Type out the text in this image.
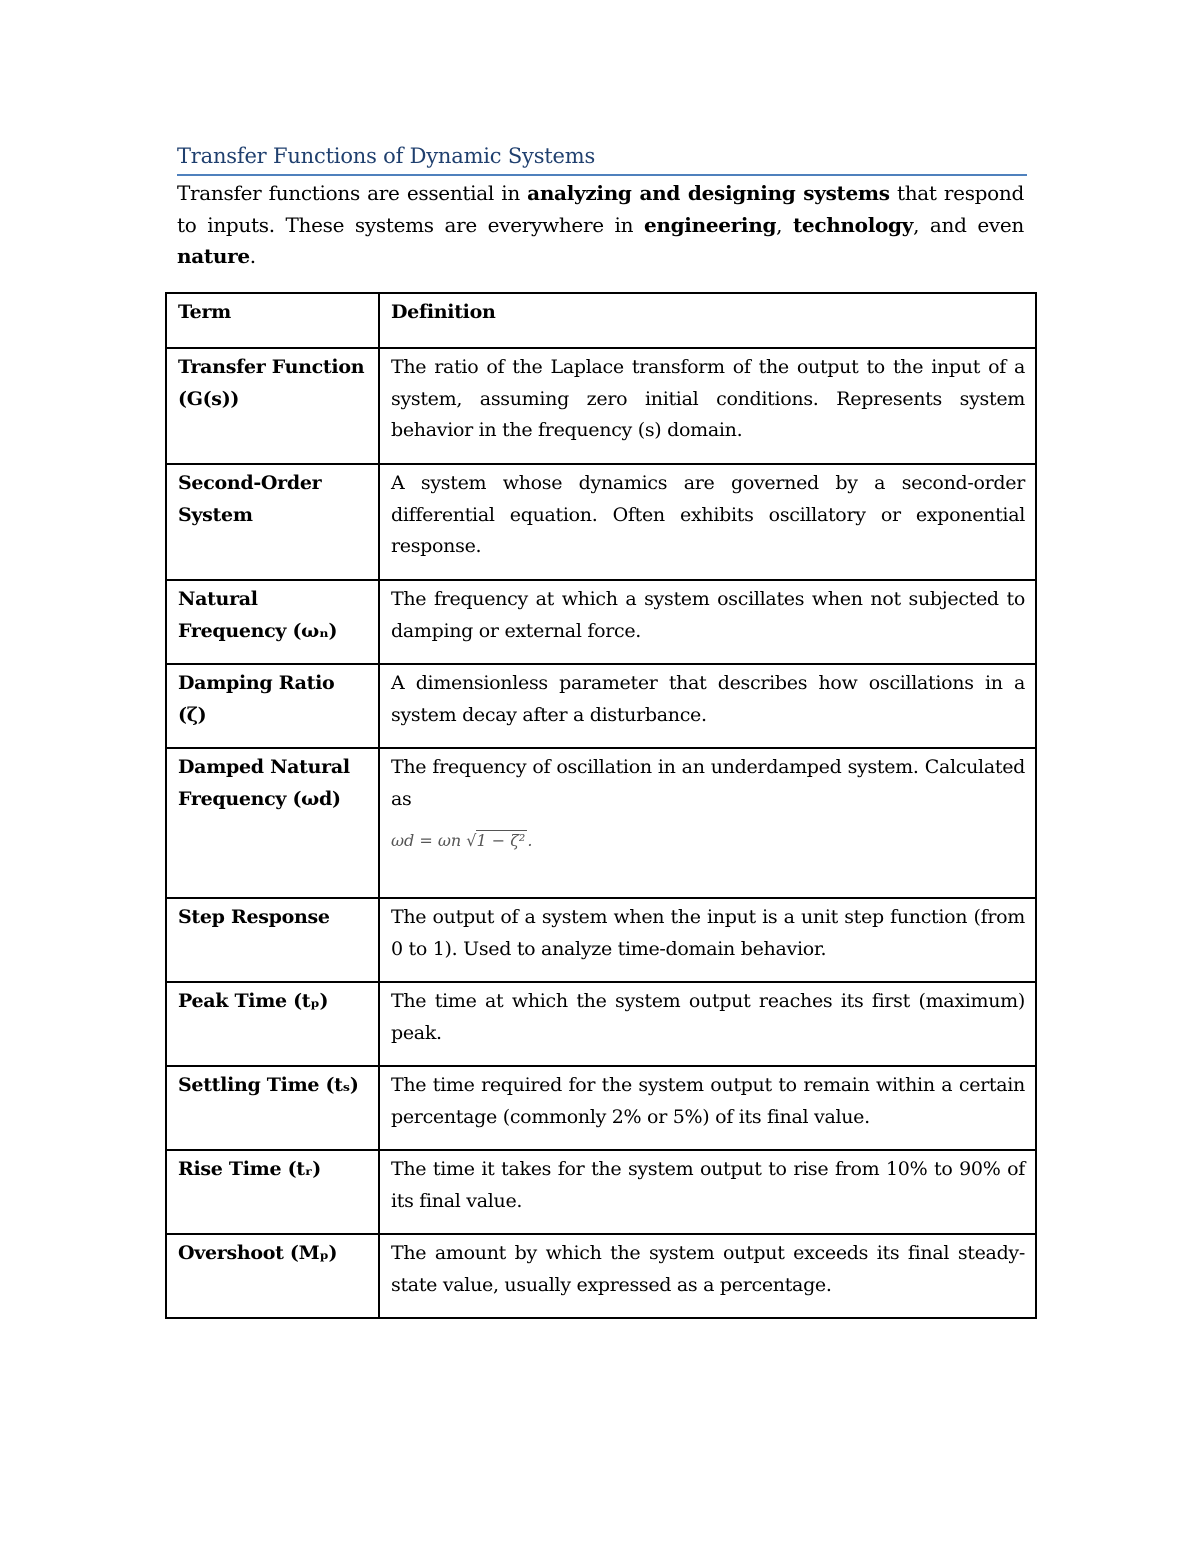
Transfer Functions of Dynamic Systems
Transfer functions are essential in analyzing and designing systems that respond to inputs. These systems are everywhere in engineering, technology, and even nature.
Term	Definition
Transfer Function (G(s))	The ratio of the Laplace transform of the output to the input of a system, assuming zero initial conditions. Represents system behavior in the frequency (s) domain.
Second-Order System	A system whose dynamics are governed by a second-order differential equation. Often exhibits oscillatory or exponential response.
Natural Frequency (ωₙ)	The frequency at which a system oscillates when not subjected to damping or external force.
Damping Ratio (ζ)	A dimensionless parameter that describes how oscillations in a system decay after a disturbance.
Damped Natural Frequency (ωd)	The frequency of oscillation in an underdamped system. Calculated as
ωd = ωn √1 − ζ² .

Step Response	The output of a system when the input is a unit step function (from 0 to 1). Used to analyze time-domain behavior.
Peak Time (tₚ)	The time at which the system output reaches its first (maximum) peak.
Settling Time (tₛ)	The time required for the system output to remain within a certain percentage (commonly 2% or 5%) of its final value.
Rise Time (tᵣ)	The time it takes for the system output to rise from 10% to 90% of its final value.
Overshoot (Mₚ)	The amount by which the system output exceeds its final steady-state value, usually expressed as a percentage.
